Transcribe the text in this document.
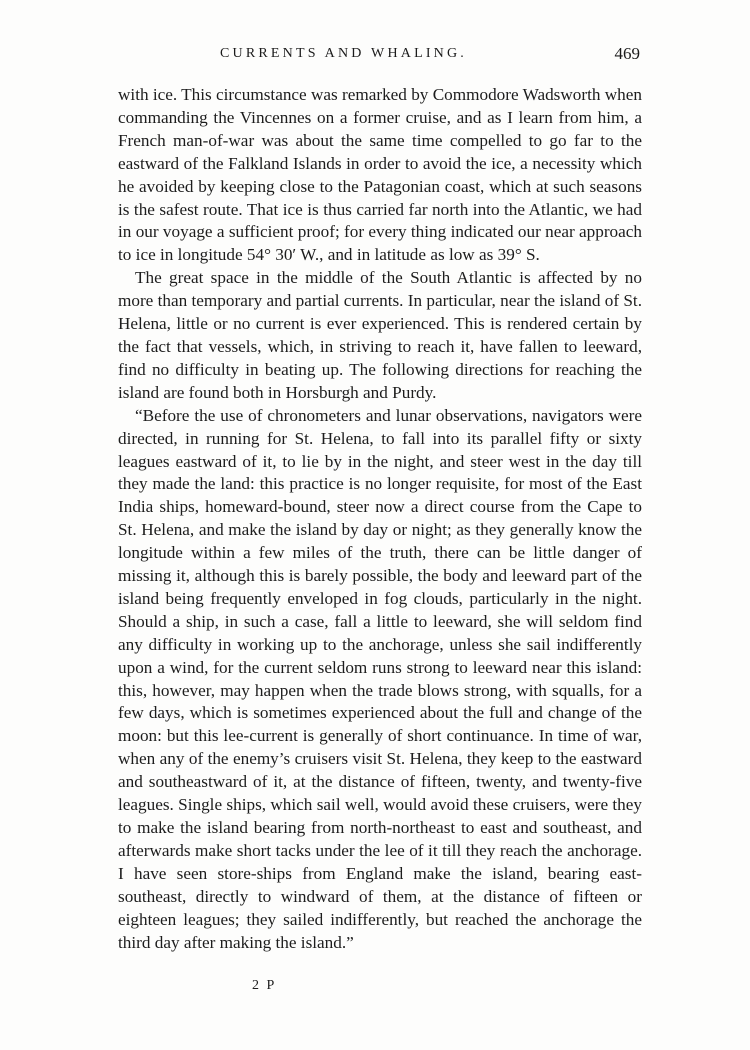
CURRENTS AND WHALING.	469

with ice. This circumstance was remarked by Commodore Wadsworth when commanding the Vincennes on a former cruise, and as I learn from him, a French man-of-war was about the same time compelled to go far to the eastward of the Falkland Islands in order to avoid the ice, a necessity which he avoided by keeping close to the Patagonian coast, which at such seasons is the safest route. That ice is thus carried far north into the Atlantic, we had in our voyage a sufficient proof; for every thing indicated our near approach to ice in longitude 54° 30′ W., and in latitude as low as 39° S.

The great space in the middle of the South Atlantic is affected by no more than temporary and partial currents. In particular, near the island of St. Helena, little or no current is ever experienced. This is rendered certain by the fact that vessels, which, in striving to reach it, have fallen to leeward, find no difficulty in beating up. The following directions for reaching the island are found both in Horsburgh and Purdy.

“Before the use of chronometers and lunar observations, navigators were directed, in running for St. Helena, to fall into its parallel fifty or sixty leagues eastward of it, to lie by in the night, and steer west in the day till they made the land: this practice is no longer requisite, for most of the East India ships, homeward-bound, steer now a direct course from the Cape to St. Helena, and make the island by day or night; as they generally know the longitude within a few miles of the truth, there can be little danger of missing it, although this is barely possible, the body and leeward part of the island being frequently enveloped in fog clouds, particularly in the night. Should a ship, in such a case, fall a little to leeward, she will seldom find any difficulty in working up to the anchorage, unless she sail indifferently upon a wind, for the current seldom runs strong to leeward near this island: this, however, may happen when the trade blows strong, with squalls, for a few days, which is sometimes experienced about the full and change of the moon: but this lee-current is generally of short continuance. In time of war, when any of the enemy’s cruisers visit St. Helena, they keep to the eastward and southeastward of it, at the distance of fifteen, twenty, and twenty-five leagues. Single ships, which sail well, would avoid these cruisers, were they to make the island bearing from north-northeast to east and southeast, and afterwards make short tacks under the lee of it till they reach the anchorage. I have seen store-ships from England make the island, bearing east-southeast, directly to windward of them, at the distance of fifteen or eighteen leagues; they sailed indifferently, but reached the anchorage the third day after making the island.”

2 P
